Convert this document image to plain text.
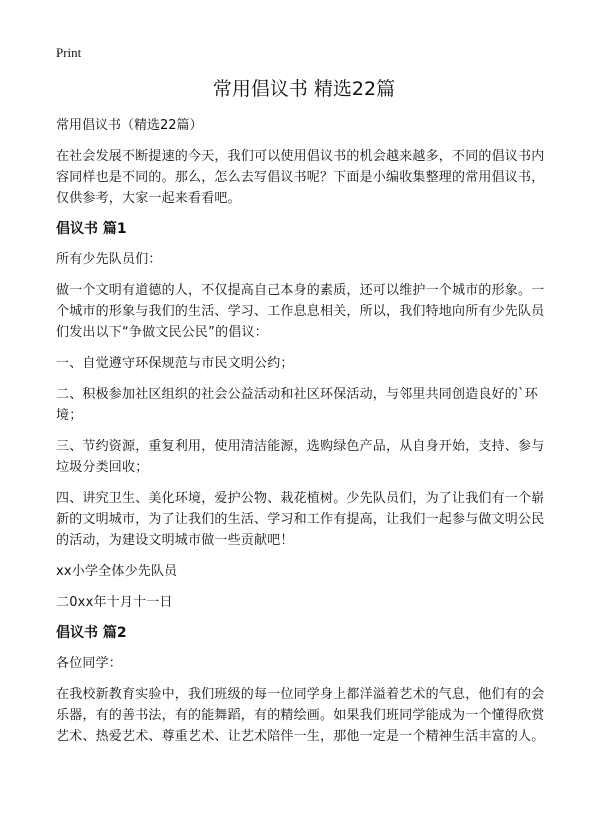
Print
常用倡议书 精选22篇
常用倡议书（精选22篇）

在社会发展不断提速的今天，我们可以使用倡议书的机会越来越多，不同的倡议书内容同样也是不同的。那么，怎么去写倡议书呢？下面是小编收集整理的常用倡议书，仅供参考，大家一起来看看吧。

倡议书 篇1

所有少先队员们：

做一个文明有道德的人，不仅提高自己本身的素质，还可以维护一个城市的形象。一个城市的形象与我们的生活、学习、工作息息相关，所以，我们特地向所有少先队员们发出以下“争做文民公民”的倡议：

一、自觉遵守环保规范与市民文明公约；

二、积极参加社区组织的社会公益活动和社区环保活动，与邻里共同创造良好的`环境；

三、节约资源，重复利用，使用清洁能源，选购绿色产品，从自身开始，支持、参与垃圾分类回收；

四、讲究卫生、美化环境，爱护公物、栽花植树。少先队员们，为了让我们有一个崭新的文明城市，为了让我们的生活、学习和工作有提高，让我们一起参与做文明公民的活动，为建设文明城市做一些贡献吧！

xx小学全体少先队员

二0xx年十月十一日

倡议书 篇2

各位同学：

在我校新教育实验中，我们班级的每一位同学身上都洋溢着艺术的气息，他们有的会乐器，有的善书法，有的能舞蹈，有的精绘画。如果我们班同学能成为一个懂得欣赏艺术、热爱艺术、尊重艺术、让艺术陪伴一生，那他一定是一个精神生活丰富的人。
